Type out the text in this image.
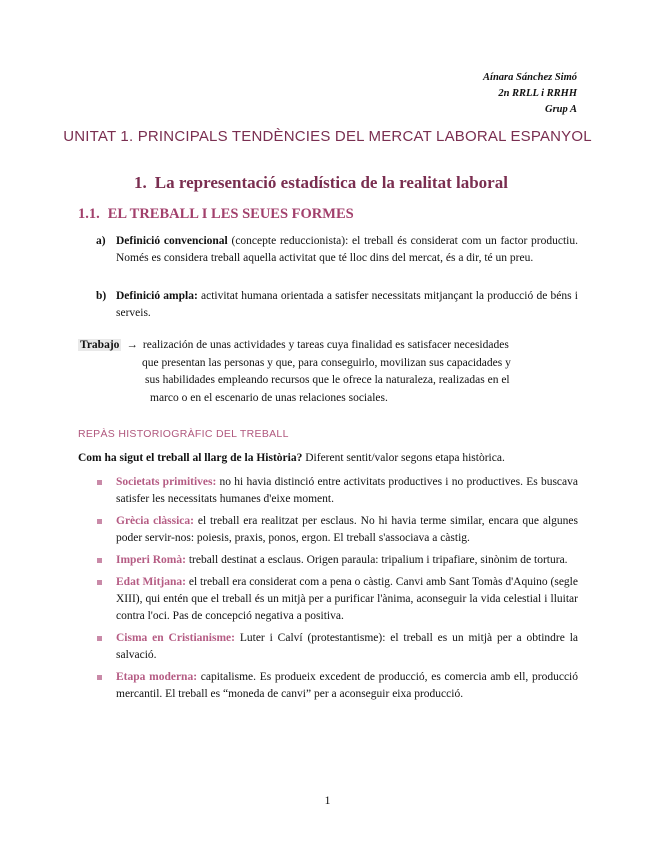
Aínara Sánchez Simó
2n RRLL i RRHH
Grup A
UNITAT 1. PRINCIPALS TENDÈNCIES DEL MERCAT LABORAL ESPANYOL
1. La representació estadística de la realitat laboral
1.1. EL TREBALL I LES SEUES FORMES
a) Definició convencional (concepte reduccionista): el treball és considerat com un factor productiu. Només es considera treball aquella activitat que té lloc dins del mercat, és a dir, té un preu.
b) Definició ampla: activitat humana orientada a satisfer necessitats mitjançant la producció de béns i serveis.
Trabajo → realización de unas actividades y tareas cuya finalidad es satisfacer necesidades
que presentan las personas y que, para conseguirlo, movilizan sus capacidades y
sus habilidades empleando recursos que le ofrece la naturaleza, realizadas en el
marco o en el escenario de unas relaciones sociales.
REPÀS HISTORIOGRÀFIC DEL TREBALL
Com ha sigut el treball al llarg de la Història? Diferent sentit/valor segons etapa històrica.
Societats primitives: no hi havia distinció entre activitats productives i no productives. Es buscava satisfer les necessitats humanes d'eixe moment.
Grècia clàssica: el treball era realitzat per esclaus. No hi havia terme similar, encara que algunes poder servir-nos: poiesis, praxis, ponos, ergon. El treball s'associava a càstig.
Imperi Romà: treball destinat a esclaus. Origen paraula: tripalium i tripafiare, sinònim de tortura.
Edat Mitjana: el treball era considerat com a pena o càstig. Canvi amb Sant Tomàs d'Aquino (segle XIII), qui entén que el treball és un mitjà per a purificar l'ànima, aconseguir la vida celestial i lluitar contra l'oci. Pas de concepció negativa a positiva.
Cisma en Cristianisme: Luter i Calví (protestantisme): el treball es un mitjà per a obtindre la salvació.
Etapa moderna: capitalisme. Es produeix excedent de producció, es comercia amb ell, producció mercantil. El treball es “moneda de canvi” per a aconseguir eixa producció.
1
